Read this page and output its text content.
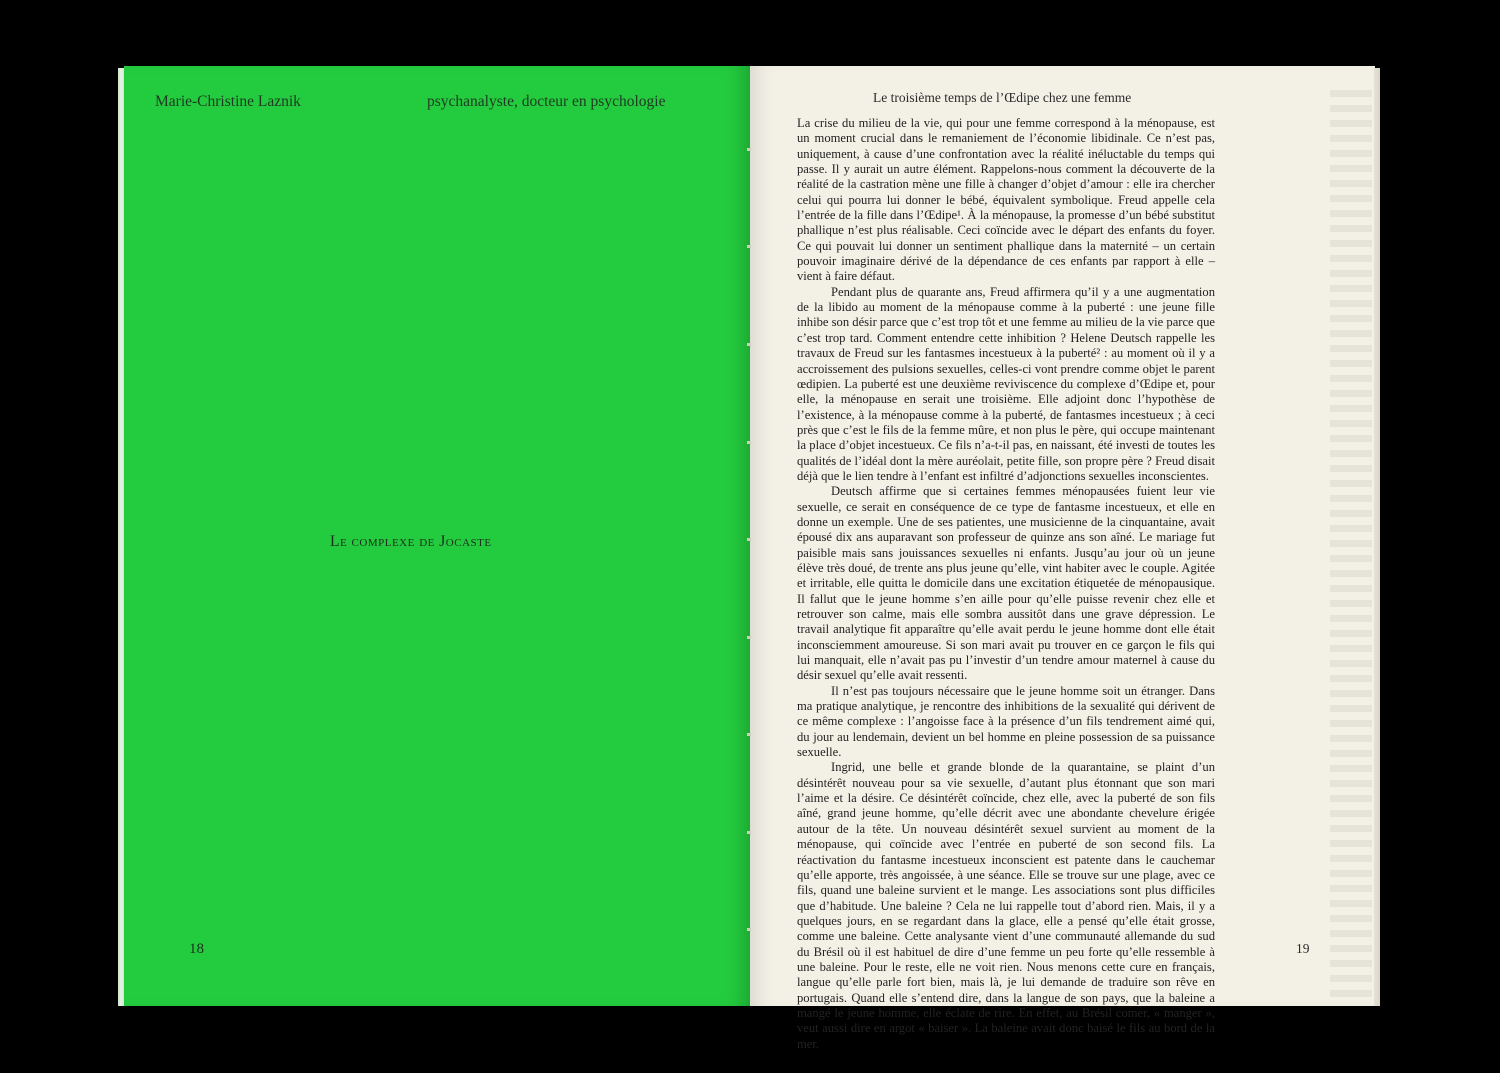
Marie-Christine Laznik	psychanalyste, docteur en psychologie
Le complexe de Jocaste
18
Le troisième temps de l’Œdipe chez une femme

La crise du milieu de la vie, qui pour une femme correspond à la ménopause, est un moment crucial dans le remaniement de l’économie libidinale. Ce n’est pas, uniquement, à cause d’une confrontation avec la réalité inéluctable du temps qui passe. Il y aurait un autre élément. Rappelons-nous comment la découverte de la réalité de la castration mène une fille à changer d’objet d’amour : elle ira chercher celui qui pourra lui donner le bébé, équivalent symbolique. Freud appelle cela l’entrée de la fille dans l’Œdipe¹. À la ménopause, la promesse d’un bébé substitut phallique n’est plus réalisable. Ceci coïncide avec le départ des enfants du foyer. Ce qui pouvait lui donner un sentiment phallique dans la maternité – un certain pouvoir imaginaire dérivé de la dépendance de ces enfants par rapport à elle – vient à faire défaut.

Pendant plus de quarante ans, Freud affirmera qu’il y a une augmentation de la libido au moment de la ménopause comme à la puberté : une jeune fille inhibe son désir parce que c’est trop tôt et une femme au milieu de la vie parce que c’est trop tard. Comment entendre cette inhibition ? Helene Deutsch rappelle les travaux de Freud sur les fantasmes incestueux à la puberté² : au moment où il y a accroissement des pulsions sexuelles, celles-ci vont prendre comme objet le parent œdipien. La puberté est une deuxième reviviscence du complexe d’Œdipe et, pour elle, la ménopause en serait une troisième. Elle adjoint donc l’hypothèse de l’existence, à la ménopause comme à la puberté, de fantasmes incestueux ; à ceci près que c’est le fils de la femme mûre, et non plus le père, qui occupe maintenant la place d’objet incestueux. Ce fils n’a-t-il pas, en naissant, été investi de toutes les qualités de l’idéal dont la mère auréolait, petite fille, son propre père ? Freud disait déjà que le lien tendre à l’enfant est infiltré d’adjonctions sexuelles inconscientes.

Deutsch affirme que si certaines femmes ménopausées fuient leur vie sexuelle, ce serait en conséquence de ce type de fantasme incestueux, et elle en donne un exemple. Une de ses patientes, une musicienne de la cinquantaine, avait épousé dix ans auparavant son professeur de quinze ans son aîné. Le mariage fut paisible mais sans jouissances sexuelles ni enfants. Jusqu’au jour où un jeune élève très doué, de trente ans plus jeune qu’elle, vint habiter avec le couple. Agitée et irritable, elle quitta le domicile dans une excitation étiquetée de ménopausique. Il fallut que le jeune homme s’en aille pour qu’elle puisse revenir chez elle et retrouver son calme, mais elle sombra aussitôt dans une grave dépression. Le travail analytique fit apparaître qu’elle avait perdu le jeune homme dont elle était inconsciemment amoureuse. Si son mari avait pu trouver en ce garçon le fils qui lui manquait, elle n’avait pas pu l’investir d’un tendre amour maternel à cause du désir sexuel qu’elle avait ressenti.

Il n’est pas toujours nécessaire que le jeune homme soit un étranger. Dans ma pratique analytique, je rencontre des inhibitions de la sexualité qui dérivent de ce même complexe : l’angoisse face à la présence d’un fils tendrement aimé qui, du jour au lendemain, devient un bel homme en pleine possession de sa puissance sexuelle.

Ingrid, une belle et grande blonde de la quarantaine, se plaint d’un désintérêt nouveau pour sa vie sexuelle, d’autant plus étonnant que son mari l’aime et la désire. Ce désintérêt coïncide, chez elle, avec la puberté de son fils aîné, grand jeune homme, qu’elle décrit avec une abondante chevelure érigée autour de la tête. Un nouveau désintérêt sexuel survient au moment de la ménopause, qui coïncide avec l’entrée en puberté de son second fils. La réactivation du fantasme incestueux inconscient est patente dans le cauchemar qu’elle apporte, très angoissée, à une séance. Elle se trouve sur une plage, avec ce fils, quand une baleine survient et le mange. Les associations sont plus difficiles que d’habitude. Une baleine ? Cela ne lui rappelle tout d’abord rien. Mais, il y a quelques jours, en se regardant dans la glace, elle a pensé qu’elle était grosse, comme une baleine. Cette analysante vient d’une communauté allemande du sud du Brésil où il est habituel de dire d’une femme un peu forte qu’elle ressemble à une baleine. Pour le reste, elle ne voit rien. Nous menons cette cure en français, langue qu’elle parle fort bien, mais là, je lui demande de traduire son rêve en portugais. Quand elle s’entend dire, dans la langue de son pays, que la baleine a mangé le jeune homme, elle éclate de rire. En effet, au Brésil comer, « manger », veut aussi dire en argot « baiser ». La baleine avait donc baisé le fils au bord de la mer.

19
